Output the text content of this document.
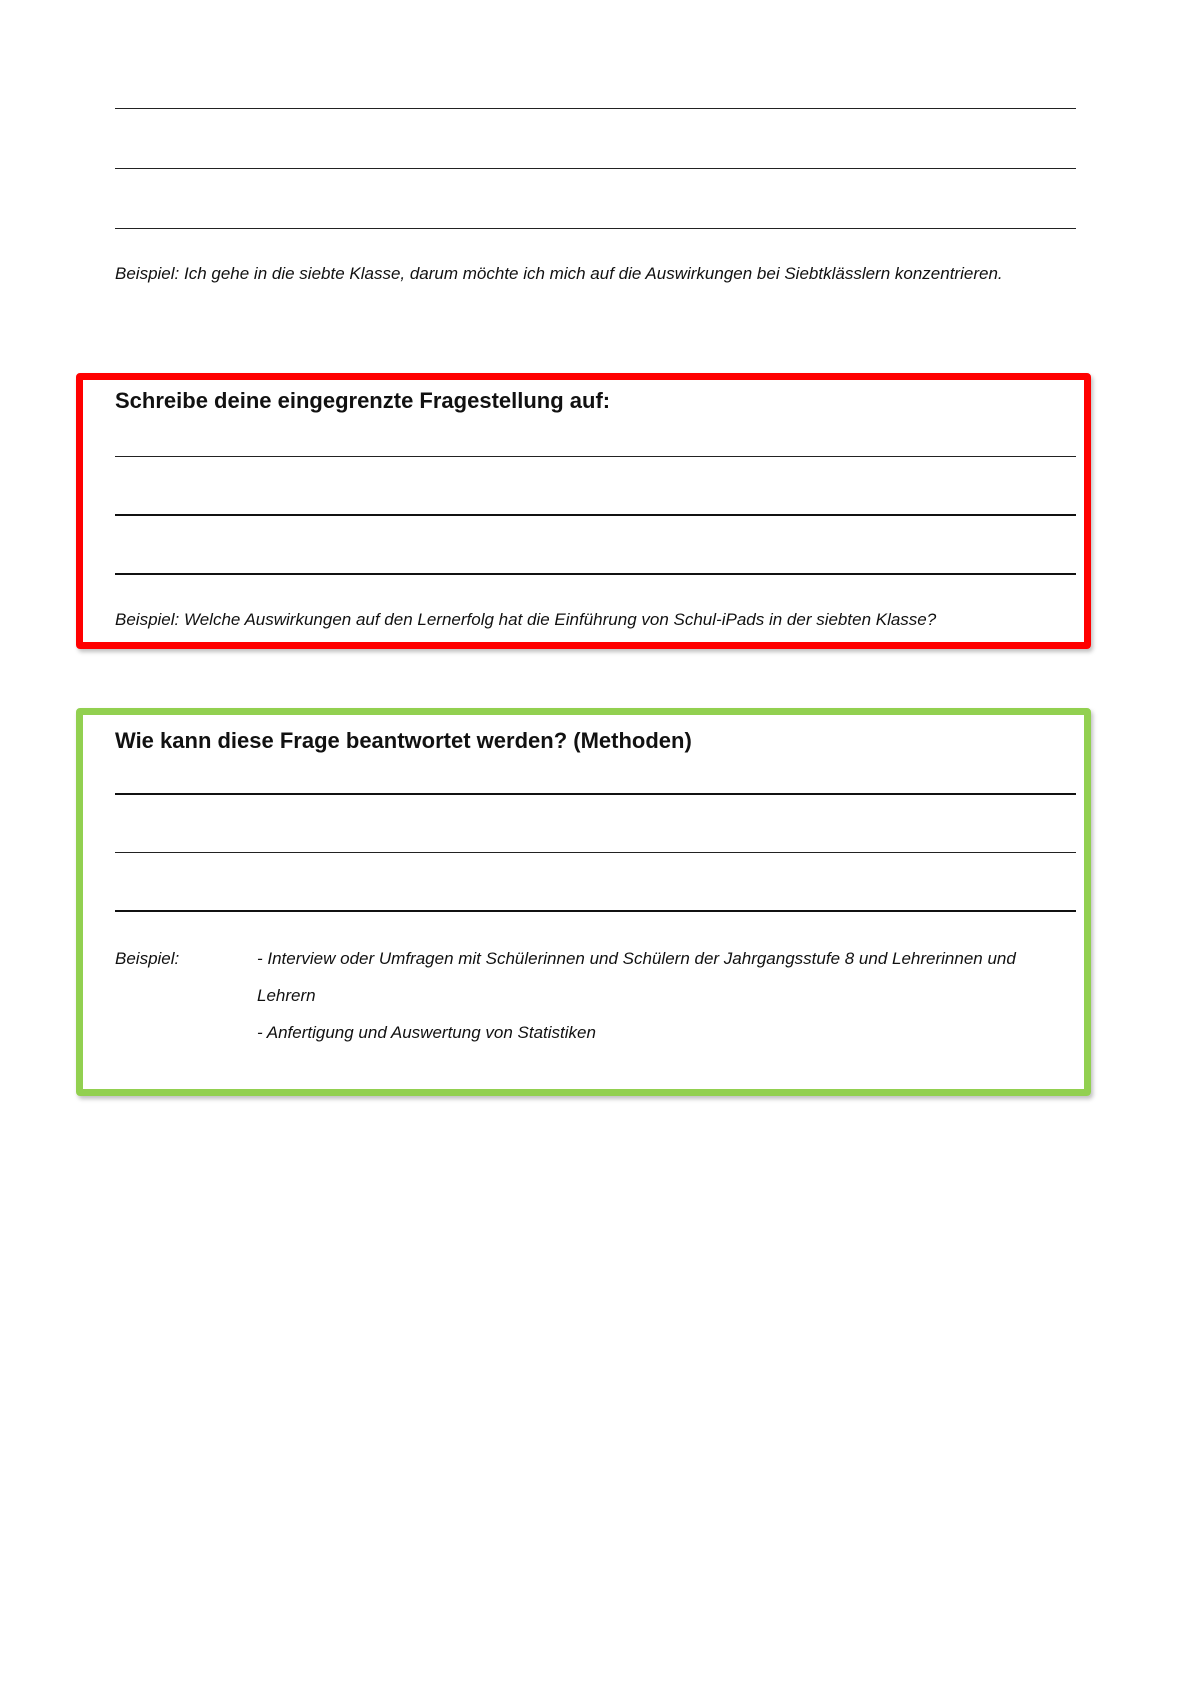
Beispiel: Ich gehe in die siebte Klasse, darum möchte ich mich auf die Auswirkungen bei Siebtklässlern konzentrieren.
Schreibe deine eingegrenzte Fragestellung auf:
Beispiel: Welche Auswirkungen auf den Lernerfolg hat die Einführung von Schul-iPads in der siebten Klasse?
Wie kann diese Frage beantwortet werden? (Methoden)
Beispiel:	- Interview oder Umfragen mit Schülerinnen und Schülern der Jahrgangsstufe 8 und Lehrerinnen und
Lehrern
- Anfertigung und Auswertung von Statistiken
